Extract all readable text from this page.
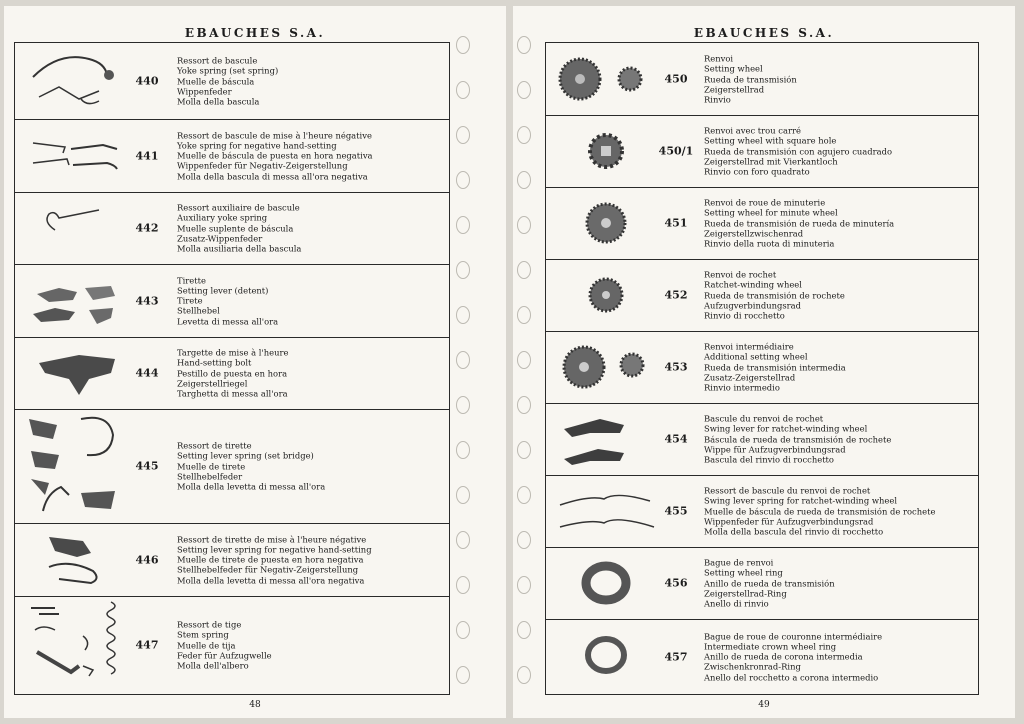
EBAUCHES S.A.
440
Ressort de bascule
Yoke spring (set spring)
Muelle de báscula
Wippenfeder
Molla della bascula
441
Ressort de bascule de mise à l'heure négative
Yoke spring for negative hand-setting
Muelle de báscula de puesta en hora negativa
Wippenfeder für Negativ-Zeigerstellung
Molla della bascula di messa all'ora negativa
442
Ressort auxiliaire de bascule
Auxiliary yoke spring
Muelle suplente de báscula
Zusatz-Wippenfeder
Molla ausiliaria della bascula
443
Tirette
Setting lever (detent)
Tirete
Stellhebel
Levetta di messa all'ora
444
Targette de mise à l'heure
Hand-setting bolt
Pestillo de puesta en hora
Zeigerstellriegel
Targhetta di messa all'ora
445
Ressort de tirette
Setting lever spring (set bridge)
Muelle de tirete
Stellhebelfeder
Molla della levetta di messa all'ora
446
Ressort de tirette de mise à l'heure négative
Setting lever spring for negative hand-setting
Muelle de tirete de puesta en hora negativa
Stellhebelfeder für Negativ-Zeigerstellung
Molla della levetta di messa all'ora negativa
447
Ressort de tige
Stem spring
Muelle de tija
Feder für Aufzugwelle
Molla dell'albero
48
EBAUCHES S.A.
450
Renvoi
Setting wheel
Rueda de transmisión
Zeigerstellrad
Rinvio
450/1
Renvoi avec trou carré
Setting wheel with square hole
Rueda de transmisión con agujero cuadrado
Zeigerstellrad mit Vierkantloch
Rinvio con foro quadrato
451
Renvoi de roue de minuterie
Setting wheel for minute wheel
Rueda de transmisión de rueda de minutería
Zeigerstellzwischenrad
Rinvio della ruota di minuteria
452
Renvoi de rochet
Ratchet-winding wheel
Rueda de transmisión de rochete
Aufzugverbindungsrad
Rinvio di rocchetto
453
Renvoi intermédiaire
Additional setting wheel
Rueda de transmisión intermedia
Zusatz-Zeigerstellrad
Rinvio intermedio
454
Bascule du renvoi de rochet
Swing lever for ratchet-winding wheel
Báscula de rueda de transmisión de rochete
Wippe für Aufzugverbindungsrad
Bascula del rinvio di rocchetto
455
Ressort de bascule du renvoi de rochet
Swing lever spring for ratchet-winding wheel
Muelle de báscula de rueda de transmisión de rochete
Wippenfeder für Aufzugverbindungsrad
Molla della bascula del rinvio di rocchetto
456
Bague de renvoi
Setting wheel ring
Anillo de rueda de transmisión
Zeigerstellrad-Ring
Anello di rinvio
457
Bague de roue de couronne intermédiaire
Intermediate crown wheel ring
Anillo de rueda de corona intermedia
Zwischenkronrad-Ring
Anello del rocchetto a corona intermedio
49
